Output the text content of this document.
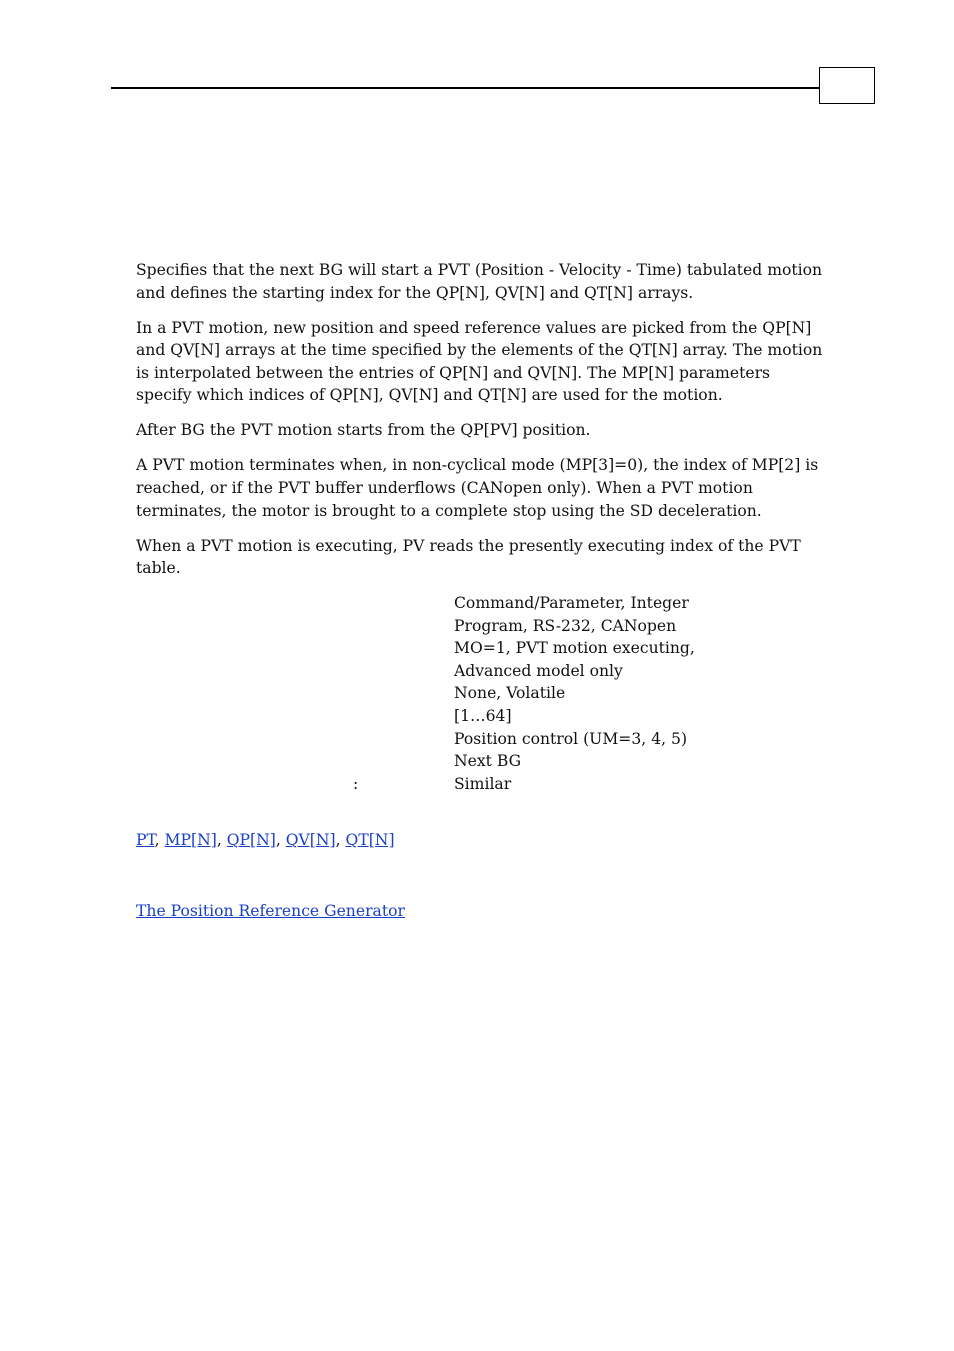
Specifies that the next BG will start a PVT (Position - Velocity - Time) tabulated motion and defines the starting index for the QP[N], QV[N] and QT[N] arrays.

In a PVT motion, new position and speed reference values are picked from the QP[N] and QV[N] arrays at the time specified by the elements of the QT[N] array. The motion is interpolated between the entries of QP[N] and QV[N]. The MP[N] parameters specify which indices of QP[N], QV[N] and QT[N] are used for the motion.

After BG the PVT motion starts from the QP[PV] position.

A PVT motion terminates when, in non-cyclical mode (MP[3]=0), the index of MP[2] is reached, or if the PVT buffer underflows (CANopen only). When a PVT motion terminates, the motor is brought to a complete stop using the SD deceleration.

When a PVT motion is executing, PV reads the presently executing index of the PVT table.

Command/Parameter, Integer
Program, RS-232, CANopen
MO=1, PVT motion executing,
Advanced model only
None, Volatile
[1…64]
Position control (UM=3, 4, 5)
Next BG
:	Similar
PT, MP[N], QP[N], QV[N], QT[N]
The Position Reference Generator
